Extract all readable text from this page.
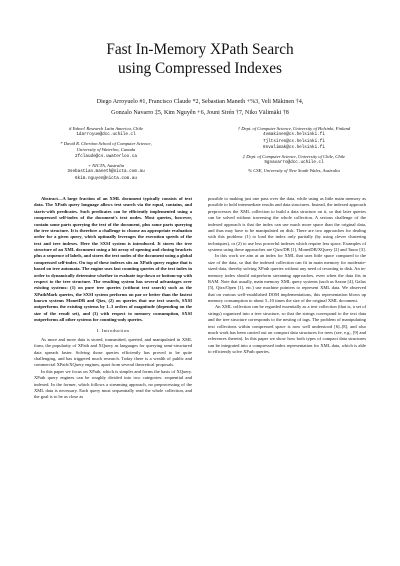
Fast In-Memory XPath Search
using Compressed Indexes
Diego Arroyuelo #1, Francisco Claude *2, Sebastian Maneth +%3, Veli Mäkinen †4,
Gonzalo Navarro ‡5, Kim Nguyễn +6, Jouni Sirén †7, Niko Välimäki †8
# Yahoo! Research Latin America, Chile
1darroyue@dcc.uchile.cl
* David R. Cheriton School of Computer Science, University of Waterloo, Canada
2fclaude@cs.uwaterloo.ca
+ NICTA, Australia
3sebastian.maneth@nicta.com.au
6kim.nguyen@nicta.com.au
† Dept. of Computer Science, University of Helsinki, Finland
4vmakinen@cs.helsinki.fi
7jltsiren@cs.helsinki.fi
8nvalimak@cs.helsinki.fi
‡ Dept. of Computer Science, University of Chile, Chile
5gnavarro@dcc.uchile.cl
% CSE, University of New South Wales, Australia

Abstract—A large fraction of an XML document typically consists of text data. The XPath query language allows text search via the equal, contains, and starts-with predicates. Such predicates can be efficiently implemented using a compressed self-index of the document's text nodes. Most queries, however, contain some parts querying the text of the document, plus some parts querying the tree structure. It is therefore a challenge to choose an appropriate evaluation order for a given query, which optimally leverages the execution speeds of the text and tree indexes. Here the SXSI system is introduced. It stores the tree structure of an XML document using a bit array of opening and closing brackets plus a sequence of labels, and stores the text nodes of the document using a global compressed self-index. On top of these indexes sits an XPath query engine that is based on tree automata. The engine uses fast counting queries of the text index in order to dynamically determine whether to evaluate top-down or bottom-up with respect to the tree structure. The resulting system has several advantages over existing systems: (1) on pure tree queries (without text search) such as the XPathMark queries, the SXSI system performs on par or better than the fastest known systems MonetDB and Qizx, (2) on queries that use text search, SXSI outperforms the existing systems by 1–3 orders of magnitude (depending on the size of the result set), and (3) with respect to memory consumption, SXSI outperforms all other systems for counting-only queries.

I. Introduction

As more and more data is stored, transmitted, queried, and manipulated in XML form, the popularity of XPath and XQuery as languages for querying semi-structured data spreads faster. Solving those queries efficiently has proved to be quite challenging, and has triggered much research. Today there is a wealth of public and commercial XPath/XQuery engines, apart from several theoretical proposals.

In this paper we focus on XPath, which is simpler and forms the basis of XQuery. XPath query engines can be roughly divided into two categories: sequential and indexed. In the former, which follows a streaming approach, no preprocessing of the XML data is necessary. Each query must sequentially read the whole collection, and the goal is to be as close as

possible to making just one pass over the data, while using as little main memory as possible to hold intermediate results and data structures. Instead, the indexed approach preprocesses the XML collection to build a data structure on it, so that later queries can be solved without traversing the whole collection. A serious challenge of the indexed approach is that the index can use much more space than the original data, and thus may have to be manipulated on disk. There are two approaches for dealing with this problem: (1) to load the index only partially (by using clever clustering techniques), or (2) to use less powerful indexes which require less space. Examples of systems using these approaches are Qizx/DB [1], MonetDB/XQuery [2] and Tauro [3].

In this work we aim at an index for XML that uses little space compared to the size of the data, so that the indexed collection can fit in main memory for moderate-sized data, thereby solving XPath queries without any need of resorting to disk. An in-memory index should outperform streaming approaches, even when the data fits in RAM. Note that usually, main memory XML query systems (such as Saxon [4], Galax [5], Qizx/Open [1], etc.) use machine pointers to represent XML data. We observed that on various well-established DOM implementations, this representation blows up memory consumption to about 5–10 times the size of the original XML document.

An XML collection can be regarded essentially as a text collection (that is, a set of strings) organized into a tree structure, so that the strings correspond to the text data and the tree structure corresponds to the nesting of tags. The problem of manipulating text collections within compressed space is now well understood [6]–[8], and also much work has been carried out on compact data structures for trees (see, e.g., [9] and references therein). In this paper we show how both types of compact data structures can be integrated into a compressed index representation for XML data, which is able to efficiently solve XPath queries.
